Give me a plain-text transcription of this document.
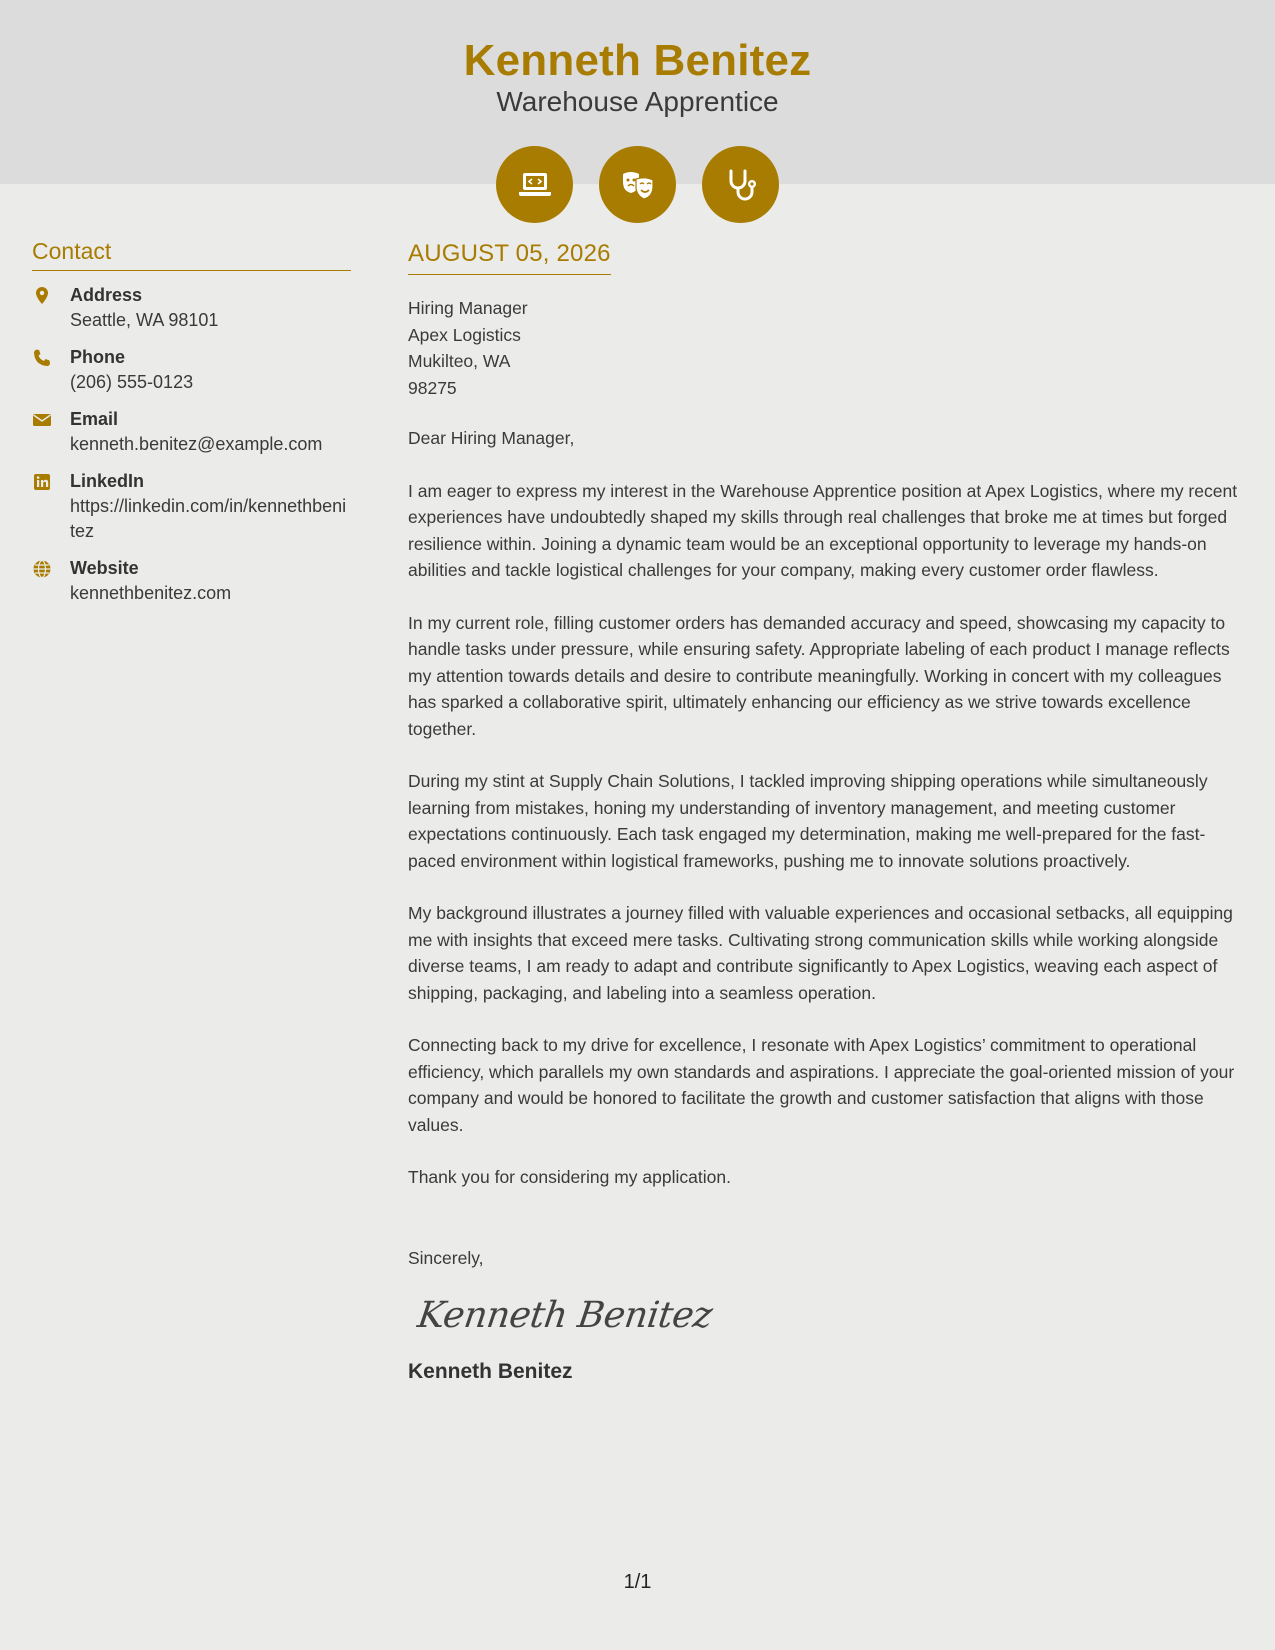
Kenneth Benitez
Warehouse Apprentice
Contact
Address
Seattle, WA 98101
Phone
(206) 555-0123
Email
kenneth.benitez@example.com
LinkedIn
https://linkedin.com/in/kennethbenitez
Website
kennethbenitez.com
AUGUST 05, 2026
Hiring Manager
Apex Logistics
Mukilteo, WA
98275
Dear Hiring Manager,

I am eager to express my interest in the Warehouse Apprentice position at Apex Logistics, where my recent experiences have undoubtedly shaped my skills through real challenges that broke me at times but forged resilience within. Joining a dynamic team would be an exceptional opportunity to leverage my hands-on abilities and tackle logistical challenges for your company, making every customer order flawless.

In my current role, filling customer orders has demanded accuracy and speed, showcasing my capacity to handle tasks under pressure, while ensuring safety. Appropriate labeling of each product I manage reflects my attention towards details and desire to contribute meaningfully. Working in concert with my colleagues has sparked a collaborative spirit, ultimately enhancing our efficiency as we strive towards excellence together.

During my stint at Supply Chain Solutions, I tackled improving shipping operations while simultaneously learning from mistakes, honing my understanding of inventory management, and meeting customer expectations continuously. Each task engaged my determination, making me well-prepared for the fast-paced environment within logistical frameworks, pushing me to innovate solutions proactively.

My background illustrates a journey filled with valuable experiences and occasional setbacks, all equipping me with insights that exceed mere tasks. Cultivating strong communication skills while working alongside diverse teams, I am ready to adapt and contribute significantly to Apex Logistics, weaving each aspect of shipping, packaging, and labeling into a seamless operation.

Connecting back to my drive for excellence, I resonate with Apex Logistics’ commitment to operational efficiency, which parallels my own standards and aspirations. I appreciate the goal-oriented mission of your company and would be honored to facilitate the growth and customer satisfaction that aligns with those values.

Thank you for considering my application.

Sincerely,
Kenneth Benitez
Kenneth Benitez
1/1
